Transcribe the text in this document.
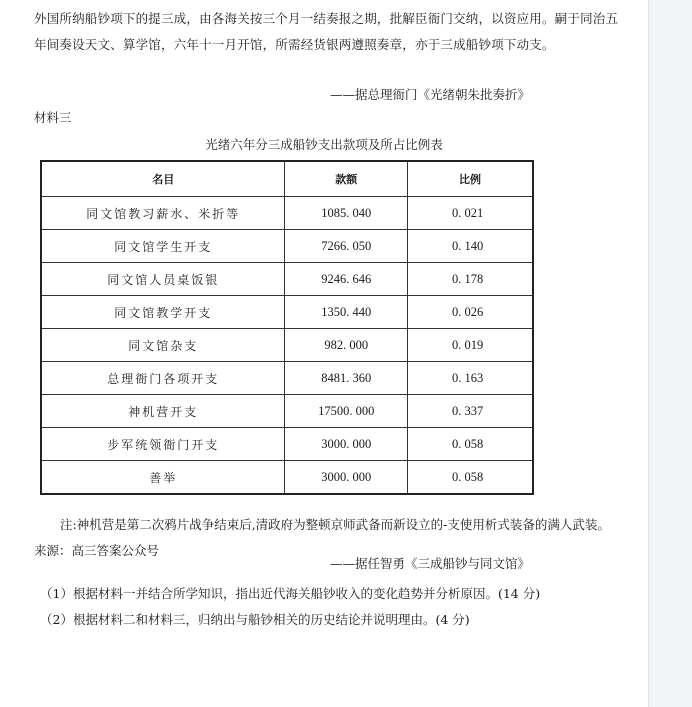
外国所纳船钞项下的提三成，由各海关按三个月一结奏报之期，批解臣衙门交纳，以资应用。嗣于同治五年间奏设天文、算学馆，六年十一月开馆，所需经货银两遵照奏章，亦于三成船钞项下动支。
——据总理衙门《光绪朝朱批奏折》
材料三
光绪六年分三成船钞支出款项及所占比例表
名目	款额	比例
同文馆教习薪水、米折等	1085. 040	0. 021
同文馆学生开支	7266. 050	0. 140
同文馆人员桌饭银	9246. 646	0. 178
同文馆教学开支	1350. 440	0. 026
同文馆杂支	982. 000	0. 019
总理衙门各项开支	8481. 360	0. 163
神机营开支	17500. 000	0. 337
步军统领衙门开支	3000. 000	0. 058
善举	3000. 000	0. 058
注:神机营是第二次鸦片战争结束后,清政府为整顿京师武备而新设立的-支使用析式装备的满人武装。 来源：高三答案公众号
——据任智勇《三成船钞与同文馆》
（1）根据材料一并结合所学知识，指出近代海关船钞收入的变化趋势并分析原因。(14 分)
（2）根据材料二和材料三，归纳出与船钞相关的历史结论并说明理由。(4 分)
